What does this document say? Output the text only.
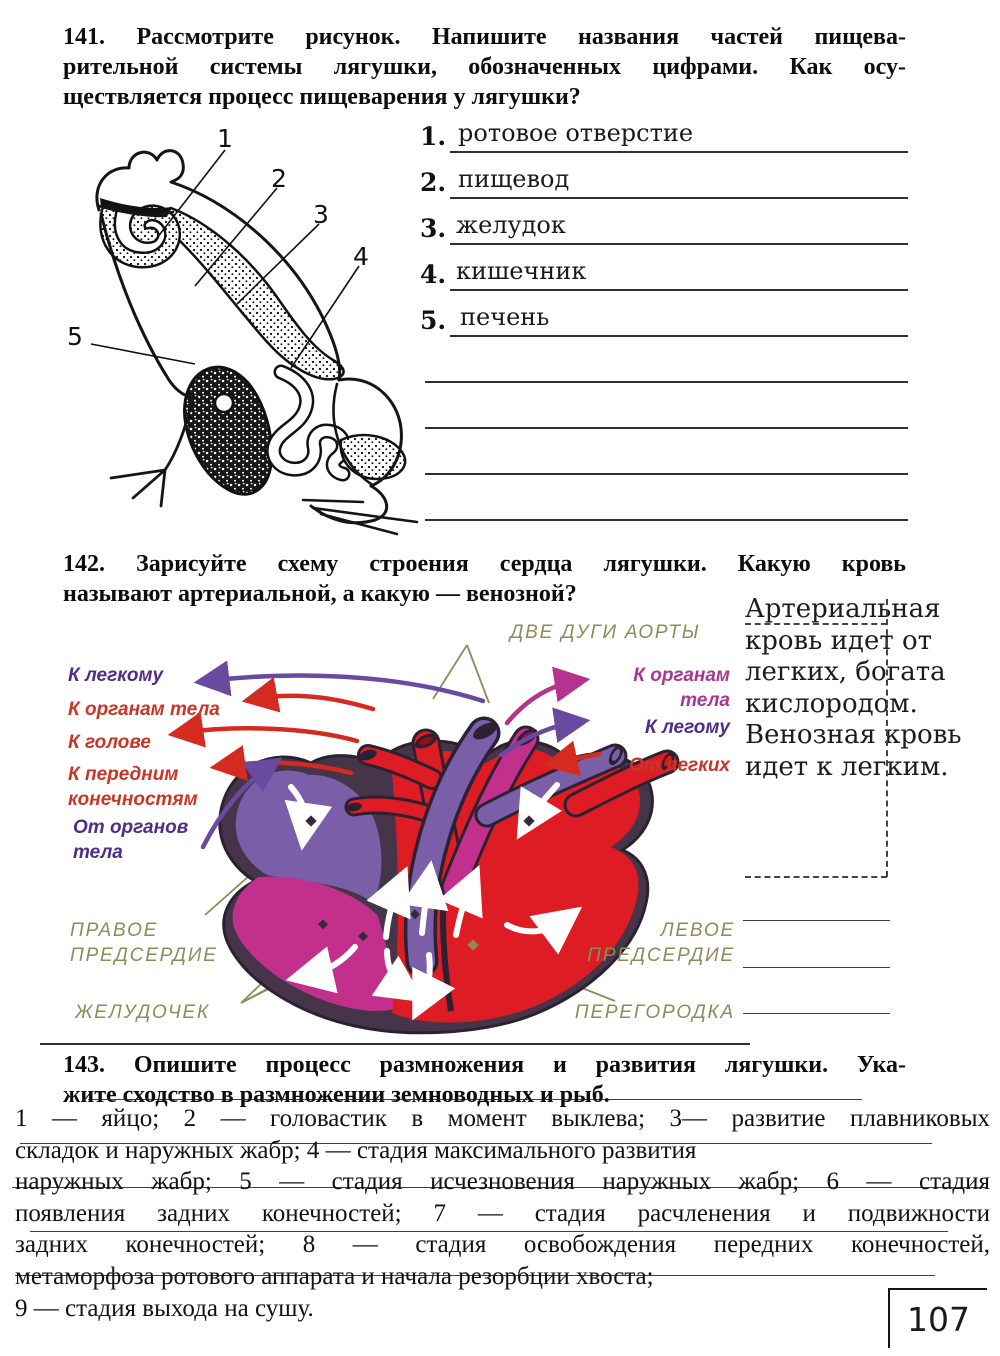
141. Рассмотрите рисунок. Напишите названия частей пищева-
рительной системы лягушки, обозначенных цифрами. Как осу-
ществляется процесс пищеварения у лягушки?
1
2
3
4
5
1. ротовое отверстие
2. пищевод
3. желудок
4. кишечник
5. печень
142. Зарисуйте схему строения сердца лягушки. Какую кровь
называют артериальной, а какую — венозной?	Артериальная
кровь идет от
легких, богата
кислородом.
Венозная кровь
идет к легким.
ДВЕ ДУГИ АОРТЫ
К легкому
К органам тела
К голове
К передним конечностям
От органов тела
К органам тела
К легому
От легких
ПРАВОЕ ПРЕДСЕРДИЕ
ЛЕВОЕ ПРЕДСЕРДИЕ
ЖЕЛУДОЧЕК	ПЕРЕГОРОДКА
143. Опишите процесс размножения и развития лягушки. Ука-
жите сходство в размножении земноводных и рыб.
1 — яйцо; 2 — головастик в момент выклева; 3— развитие плавниковых
складок и наружных жабр; 4 — стадия максимального развития
наружных жабр; 5 — стадия исчезновения наружных жабр; 6 — стадия
появления задних конечностей; 7 — стадия расчленения и подвижности
задних конечностей; 8 — стадия освобождения передних конечностей,
метаморфоза ротового аппарата и начала резорбции хвоста;
9 — стадия выхода на сушу.	107
